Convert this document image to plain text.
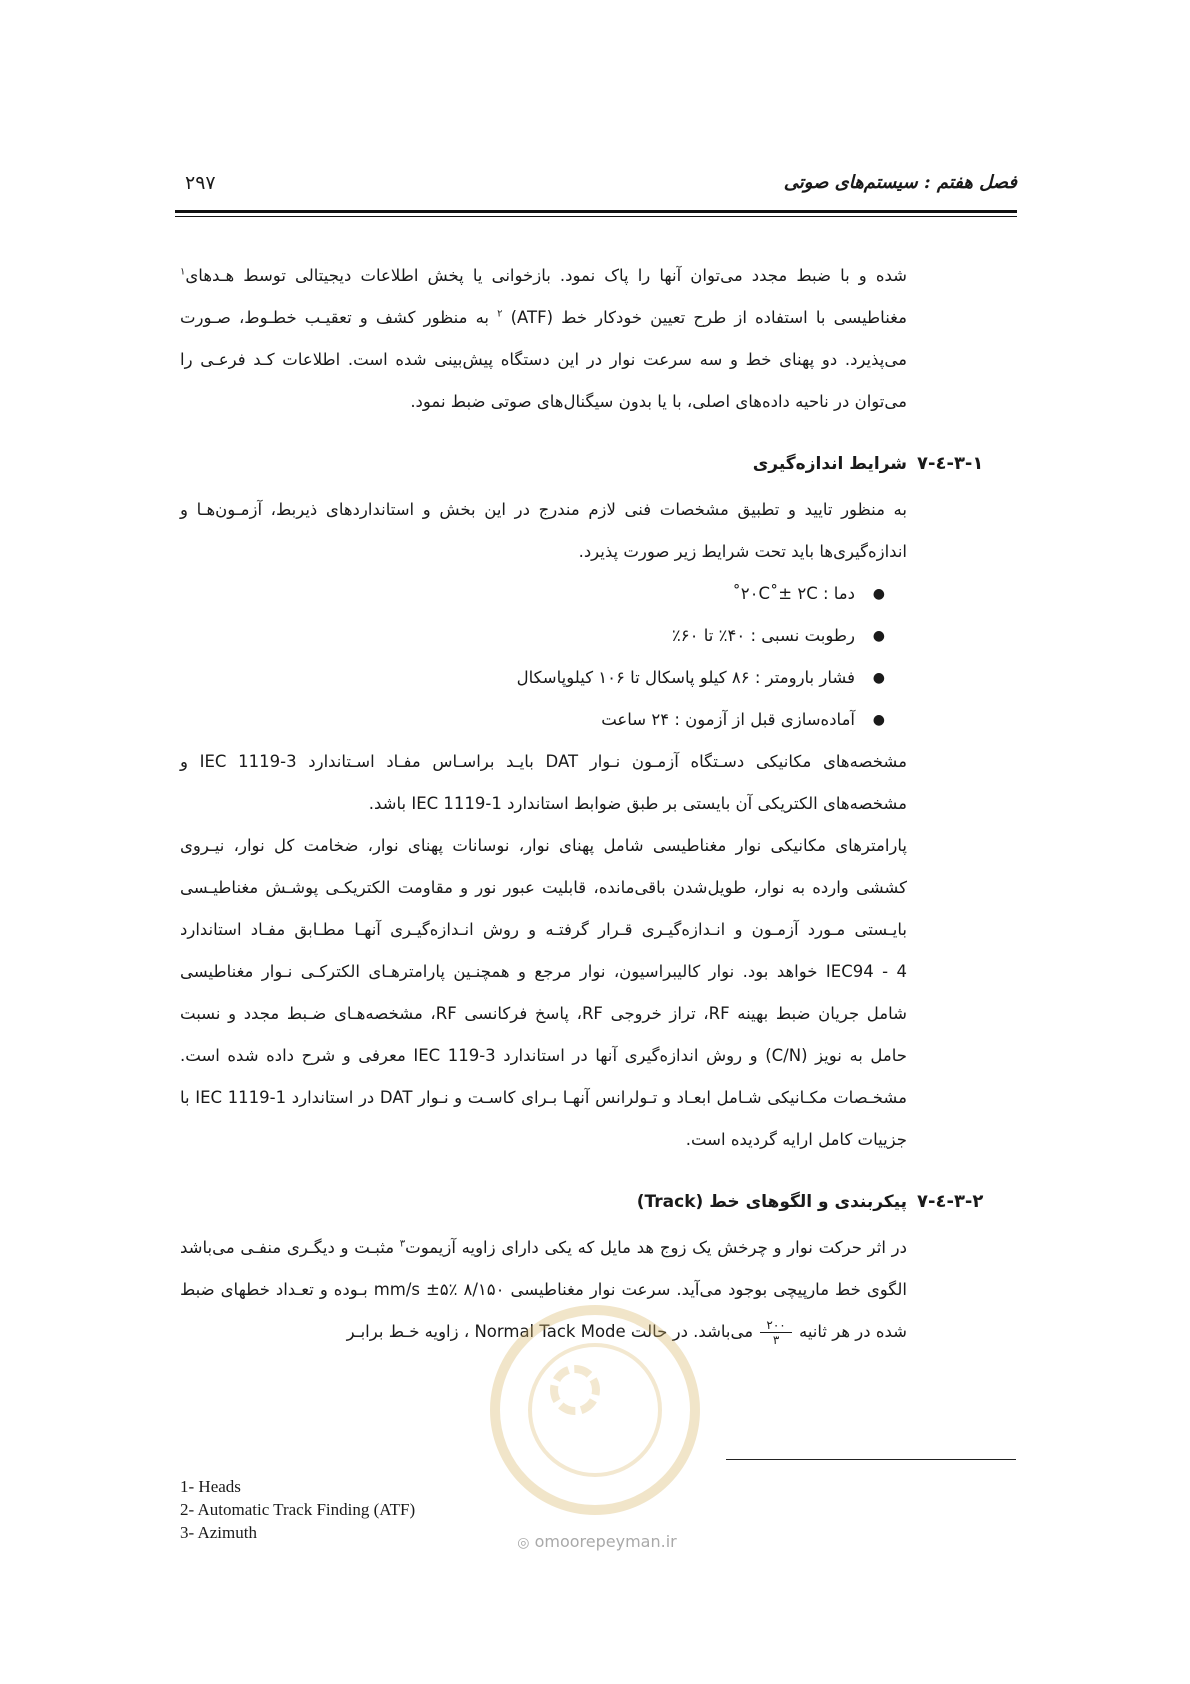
فصل هفتم : سیستم‌های صوتی
۲۹۷

شده و با ضبط مجدد می‌توان آنها را پاک نمود. بازخوانی یا پخش اطلاعات دیجیتالی توسط هـدهای$^۱$ مغناطیسی با استفاده از طرح تعیین خودکار خط (ATF) $^۲$ به منظور کشف و تعقیـب خطـوط، صـورت می‌پذیرد. دو پهنای خط و سه سرعت نوار در این دستگاه پیش‌بینی شده است. اطلاعات کـد فرعـی را می‌توان در ناحیه داده‌های اصلی، با یا بدون سیگنال‌های صوتی ضبط نمود.

۷-٤-۳-۱
شرایط اندازه‌گیری

به منظور تایید و تطبیق مشخصات فنی لازم مندرج در این بخش و استانداردهای ذیربط، آزمـون‌هـا و اندازه‌گیری‌ها باید تحت شرایط زیر صورت پذیرد.

●
دما : ۲۰C˚± ۲C˚
●
رطوبت نسبی : ۴۰٪ تا ۶۰٪
●
فشار بارومتر : ۸۶ کیلو پاسکال تا ۱۰۶ کیلوپاسکال
●
آماده‌سازی قبل از آزمون : ۲۴ ساعت

مشخصه‌های مکانیکی دسـتگاه آزمـون نـوار DAT بایـد براسـاس مفـاد اسـتاندارد IEC 1119-3 و مشخصه‌های الکتریکی آن بایستی بر طبق ضوابط استاندارد IEC 1119-1 باشد.

پارامترهای مکانیکی نوار مغناطیسی شامل پهنای نوار، نوسانات پهنای نوار، ضخامت کل نوار، نیـروی کششی وارده به نوار، طویل‌شدن باقی‌مانده، قابلیت عبور نور و مقاومت الکتریکـی پوشـش مغناطیـسی بایـستی مـورد آزمـون و انـدازه‌گیـری قـرار گرفتـه و روش انـدازه‌گیـری آنهـا مطـابق مفـاد استاندارد IEC94 - 4 خواهد بود. نوار کالیبراسیون، نوار مرجع و همچنـین پارامترهـای الکترکـی نـوار مغناطیسی شامل جریان ضبط بهینه RF، تراز خروجی RF، پاسخ فرکانسی RF، مشخصه‌هـای ضـبط مجدد و نسبت حامل به نویز (C/N) و روش اندازه‌گیری آنها در استاندارد IEC 119-3 معرفی و شرح داده شده است. مشخـصات مکـانیکی شـامل ابعـاد و تـولرانس آنهـا بـرای کاسـت و نـوار DAT در استاندارد IEC 1119-1 با جزییات کامل ارایه گردیده است.

۷-٤-۳-۲
پیکربندی و الگوهای خط (Track)

در اثر حرکت نوار و چرخش یک زوج هد مایل که یکی دارای زاویه آزیموت$^۳$ مثبـت و دیگـری منفـی می‌باشد الگوی خط مارپیچی بوجود می‌آید. سرعت نوار مغناطیسی ۸/۱۵۰ mm/s ±۵٪ بـوده و تعـداد خطهای ضبط شده در هر ثانیه
$\frac{۲۰۰}{۳}$
می‌باشد. در حالت Normal Tack Mode ، زاویه خـط برابـر

1- Heads
2- Automatic Track Finding (ATF)
3- Azimuth
◎ omoorepeyman.ir
